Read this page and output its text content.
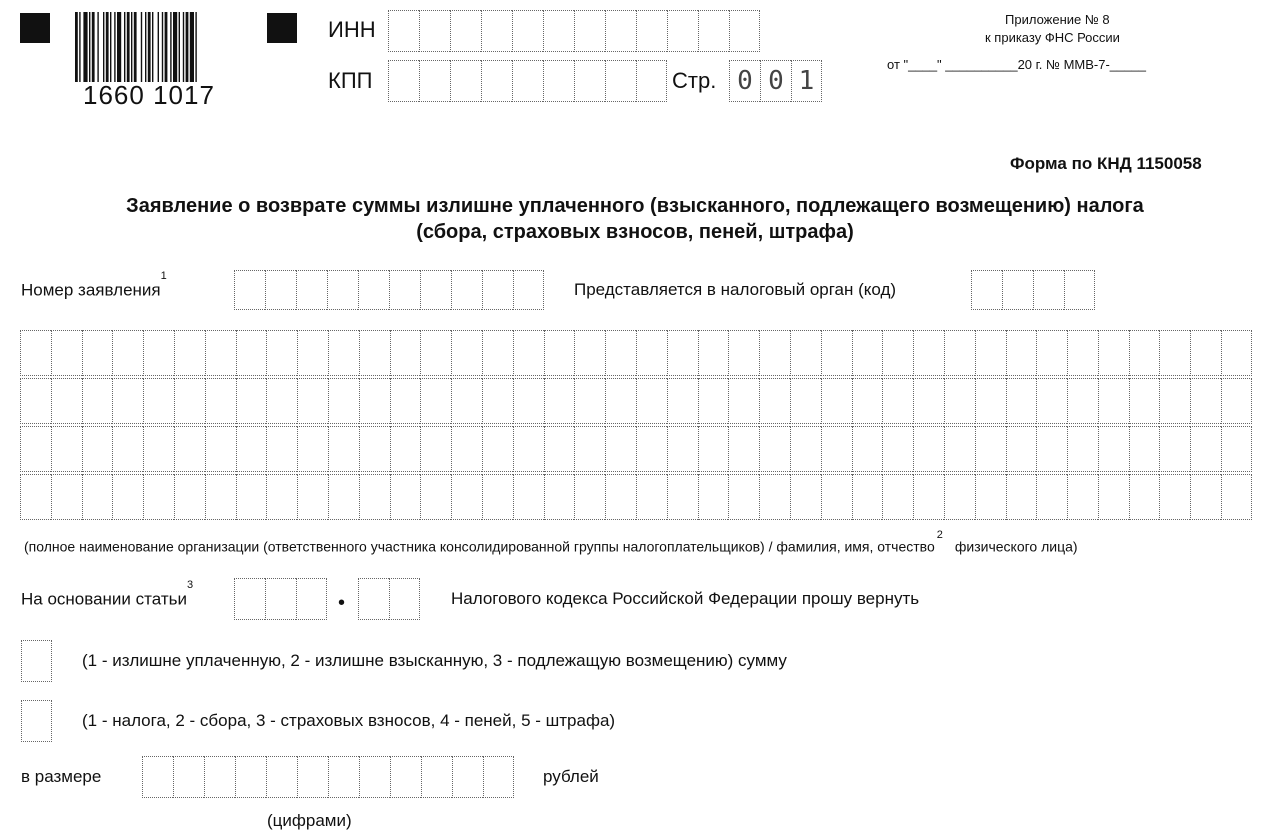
1660 1017
ИНН
КПП	Стр. 0 0 1
Приложение № 8
к приказу ФНС России
от "____" __________20 г. № ММВ-7-_____
Форма по КНД 1150058
Заявление о возврате суммы излишне уплаченного (взысканного, подлежащего возмещению) налога
(сбора, страховых взносов, пеней, штрафа)
Номер заявления$^1$
Представляется в налоговый орган (код)
(полное наименование организации (ответственного участника консолидированной группы налогоплательщиков) / фамилия, имя, отчество$^2$физического лица)
На основании статьи$^3$
•	Налогового кодекса Российской Федерации прошу вернуть
(1 - излишне уплаченную, 2 - излишне взысканную, 3 - подлежащую возмещению) сумму
(1 - налога, 2 - сбора, 3 - страховых взносов, 4 - пеней, 5 - штрафа)
в размере	рублей
(цифрами)
